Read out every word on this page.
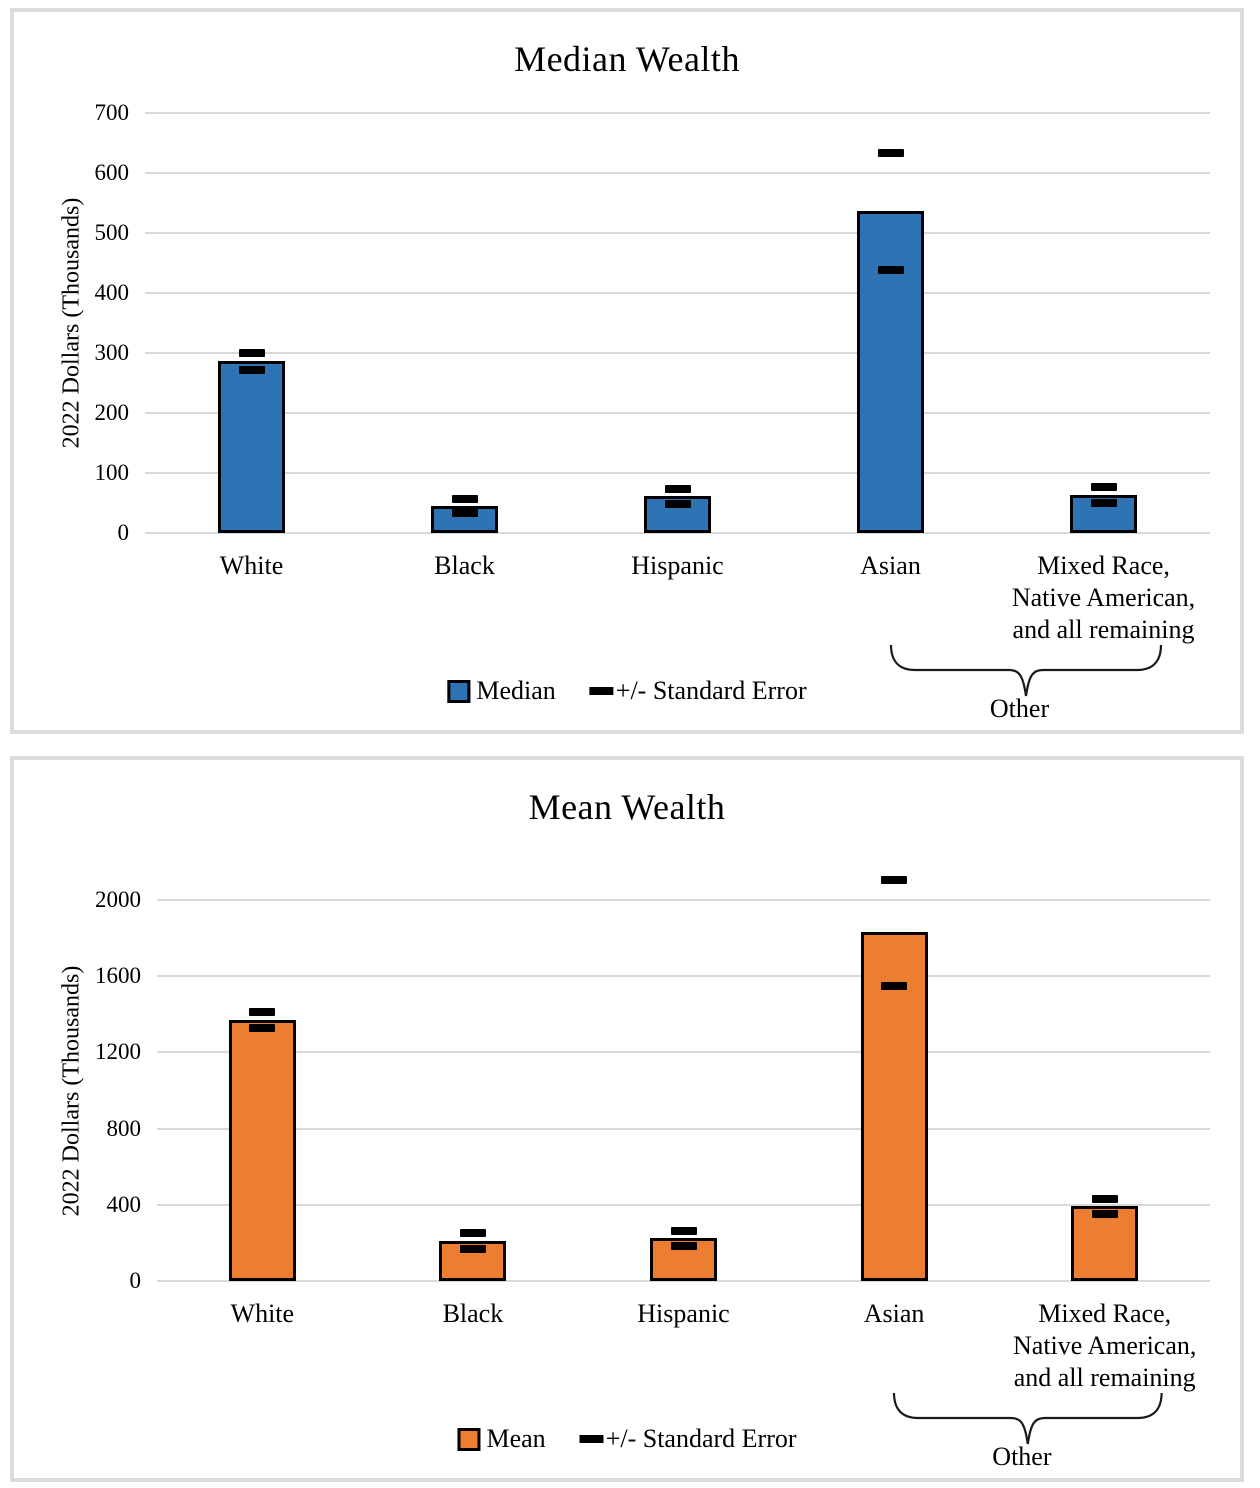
0
100
200
300
400
500
600
700
White	Black	Hispanic	Asian	Mixed Race,
Native American,
and all remaining
Median Wealth
2022 Dollars (Thousands)
Median +/- Standard Error
Other
0
400
800
1200
1600
2000
White	Black	Hispanic	Asian	Mixed Race,
Native American,
and all remaining
Mean Wealth
2022 Dollars (Thousands)
Mean +/- Standard Error
Other
